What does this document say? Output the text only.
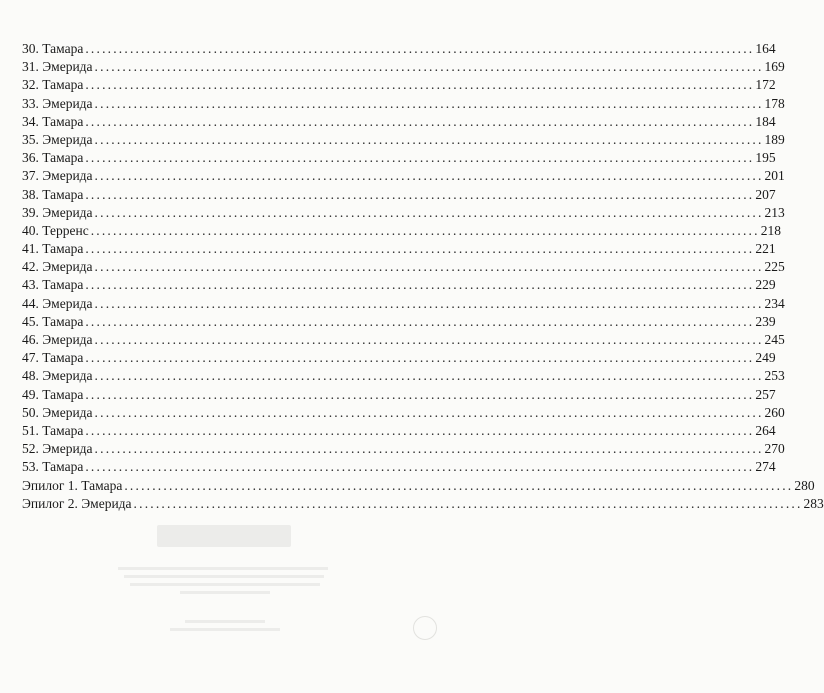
30. Тамара ........................................................................................................................ 164
31. Эмерида ........................................................................................................................ 169
32. Тамара ........................................................................................................................ 172
33. Эмерида ........................................................................................................................ 178
34. Тамара ........................................................................................................................ 184
35. Эмерида ........................................................................................................................ 189
36. Тамара ........................................................................................................................ 195
37. Эмерида ........................................................................................................................ 201
38. Тамара ........................................................................................................................ 207
39. Эмерида ........................................................................................................................ 213
40. Терренс ........................................................................................................................ 218
41. Тамара ........................................................................................................................ 221
42. Эмерида ........................................................................................................................ 225
43. Тамара ........................................................................................................................ 229
44. Эмерида ........................................................................................................................ 234
45. Тамара ........................................................................................................................ 239
46. Эмерида ........................................................................................................................ 245
47. Тамара ........................................................................................................................ 249
48. Эмерида ........................................................................................................................ 253
49. Тамара ........................................................................................................................ 257
50. Эмерида ........................................................................................................................ 260
51. Тамара ........................................................................................................................ 264
52. Эмерида ........................................................................................................................ 270
53. Тамара ........................................................................................................................ 274
Эпилог 1. Тамара ........................................................................................................................ 280
Эпилог 2. Эмерида ........................................................................................................................ 283
